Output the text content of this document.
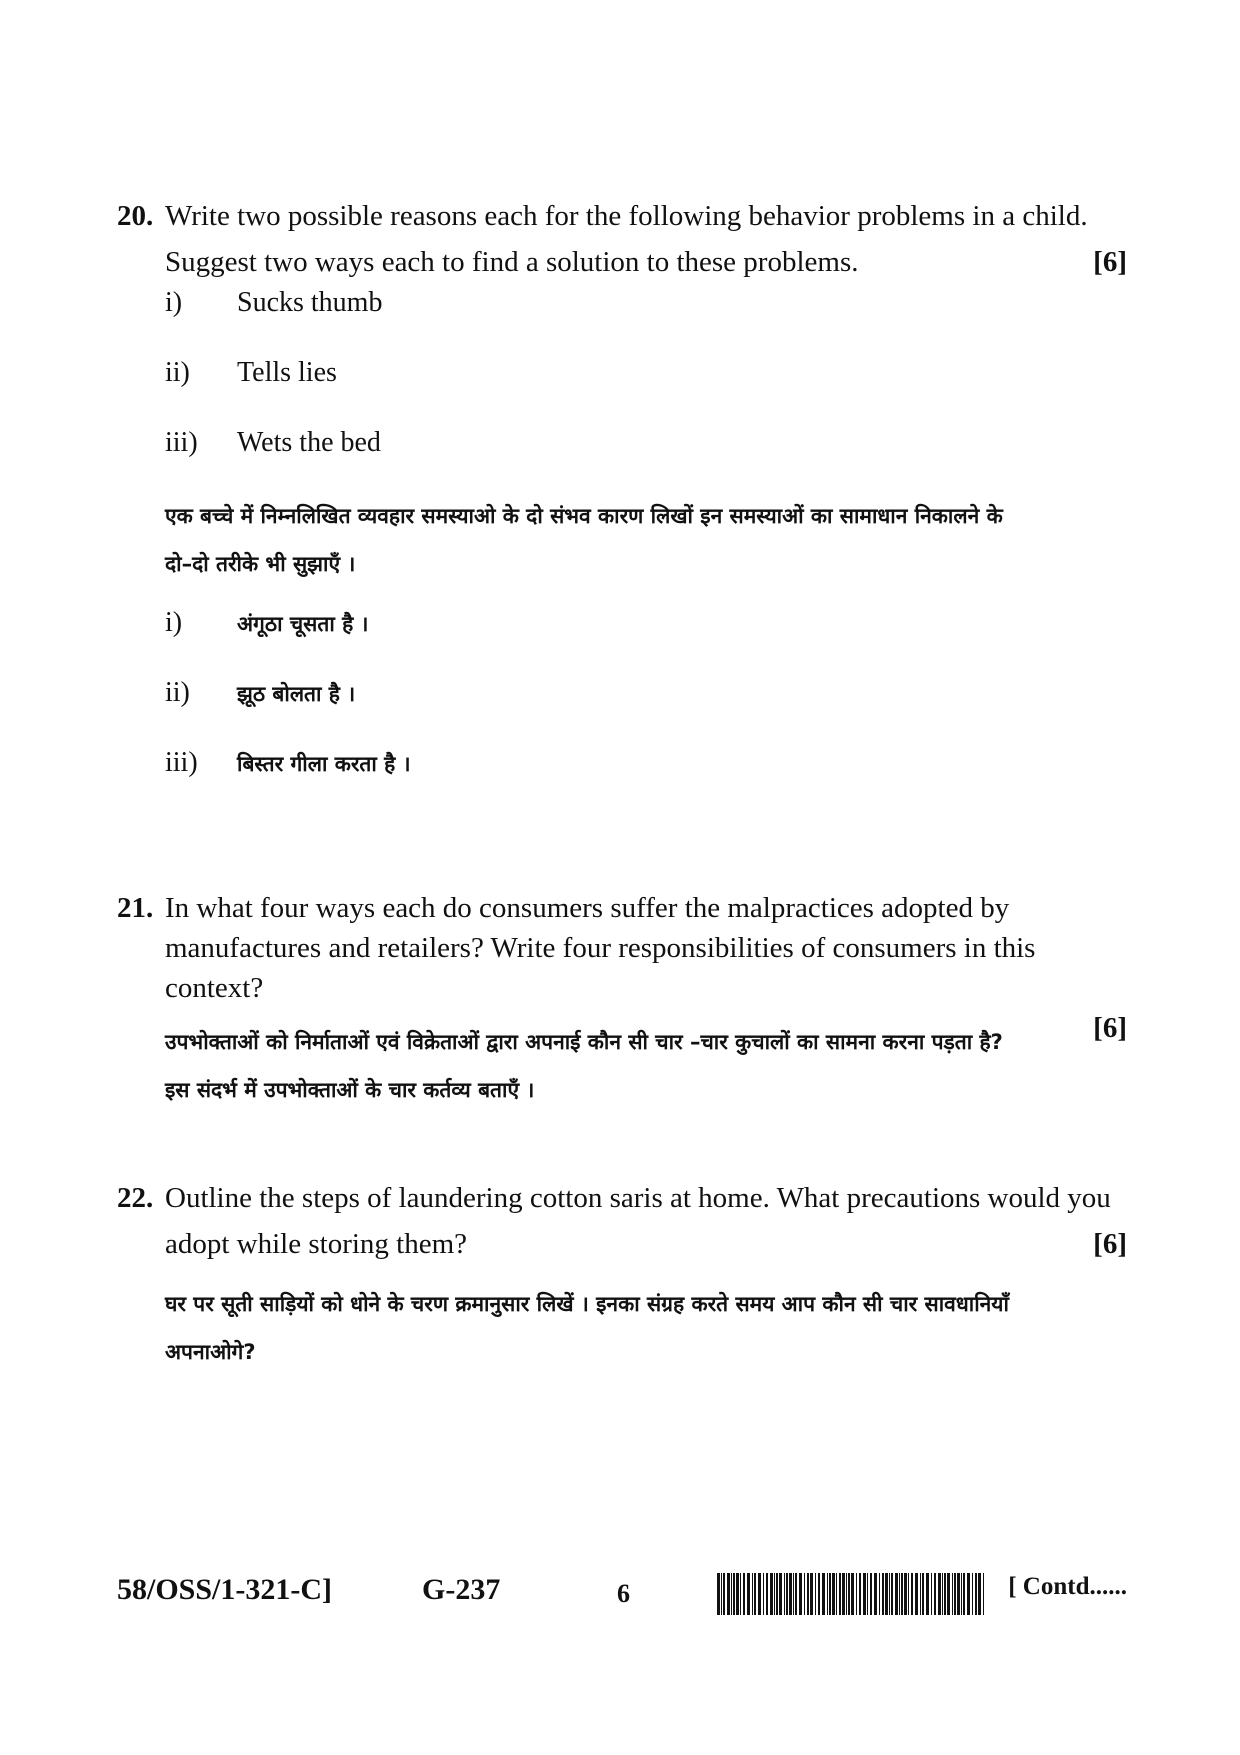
20. Write two possible reasons each for the following behavior problems in a child.
Suggest two ways each to find a solution to these problems.	[6]
i) Sucks thumb
ii) Tells lies
iii) Wets the bed
एक बच्चे में निम्नलिखित व्यवहार समस्याओ के दो संभव कारण लिखों इन समस्याओं का सामाधान निकालने के
दो–दो तरीके भी सुझाएँ ।
i)	अंगूठा चूसता है ।
ii) झूठ बोलता है ।
iii) बिस्तर गीला करता है ।
21. In what four ways each do consumers suffer the malpractices adopted by
manufactures and retailers? Write four responsibilities of consumers in this context?
[6]
उपभोक्ताओं को निर्माताओं एवं विक्रेताओं द्वारा अपनाई कौन सी चार –चार कुचालों का सामना करना पड़ता है?
इस संदर्भ में उपभोक्ताओं के चार कर्तव्य बताएँ ।
22. Outline the steps of laundering cotton saris at home. What precautions would you
adopt while storing them?	[6]
घर पर सूती साड़ियों को धोने के चरण क्रमानुसार लिखें । इनका संग्रह करते समय आप कौन सी चार सावधानियाँ
अपनाओगे?
58/OSS/1-321-C]	G-237	6	[ Contd......
